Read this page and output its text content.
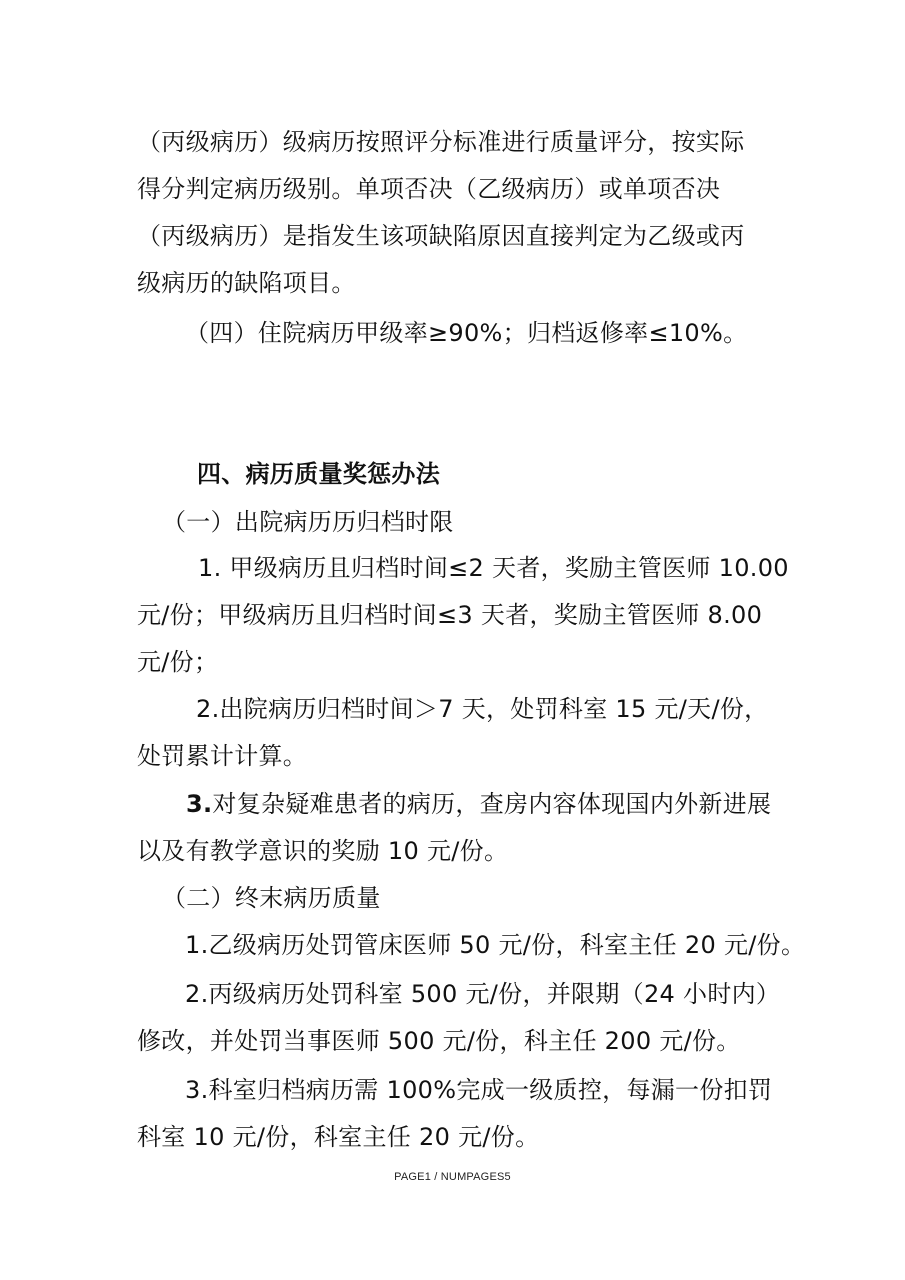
（丙级病历）级病历按照评分标准进行质量评分，按实际
得分判定病历级别。单项否决（乙级病历）或单项否决
（丙级病历）是指发生该项缺陷原因直接判定为乙级或丙
级病历的缺陷项目。
（四）住院病历甲级率≥90%；归档返修率≤10%。
四、病历质量奖惩办法
（一）出院病历历归档时限
1. 甲级病历且归档时间≤2 天者，奖励主管医师 10.00
元/份；甲级病历且归档时间≤3 天者，奖励主管医师 8.00
元/份；
2.出院病历归档时间＞7 天，处罚科室 15 元/天/份，
处罚累计计算。
3.对复杂疑难患者的病历，查房内容体现国内外新进展
以及有教学意识的奖励 10 元/份。
（二）终末病历质量
1.乙级病历处罚管床医师 50 元/份，科室主任 20 元/份。
2.丙级病历处罚科室 500 元/份，并限期（24 小时内）
修改，并处罚当事医师 500 元/份，科主任 200 元/份。
3.科室归档病历需 100%完成一级质控，每漏一份扣罚
科室 10 元/份，科室主任 20 元/份。
PAGE1 / NUMPAGES5
